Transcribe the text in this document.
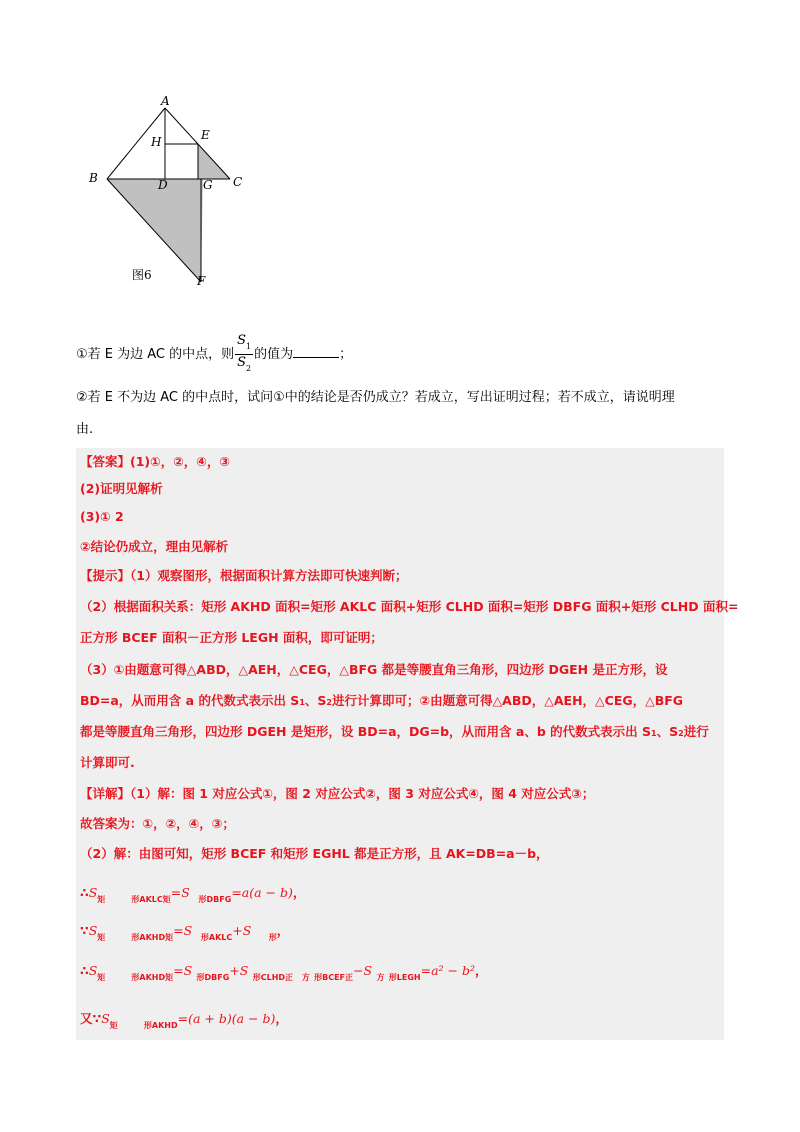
A
B	C
D
E
F
G
H
图6
①若 E 为边 AC 的中点，则 $\frac{S_1}{S_2}$ 的值为	；
②若 E 不为边 AC 的中点时，试问①中的结论是否仍成立？若成立，写出证明过程；若不成立，请说明理
由.
【答案】(1)①，②，④，③
(2)证明见解析
(3)① 2
②结论仍成立，理由见解析
【提示】（1）观察图形，根据面积计算方法即可快速判断；
（2）根据面积关系：矩形 AKHD 面积=矩形 AKLC 面积+矩形 CLHD 面积=矩形 DBFG 面积+矩形 CLHD 面积=
正方形 BCEF 面积－正方形 LEGH 面积，即可证明；
（3）①由题意可得△ABD，△AEH，△CEG，△BFG 都是等腰直角三角形，四边形 DGEH 是正方形，设
BD=a，从而用含 a 的代数式表示出 S1、S2进行计算即可；②由题意可得△ABD，△AEH，△CEG，△BFG
都是等腰直角三角形，四边形 DGEH 是矩形，设 BD=a，DG=b，从而用含 a、b 的代数式表示出 S1、S2进行
计算即可.
【详解】（1）解：图 1 对应公式①，图 2 对应公式②，图 3 对应公式④，图 4 对应公式③；
故答案为：①，②，④，③；
（2）解：由图可知，矩形 BCEF 和矩形 EGHL 都是正方形，且 AK=DB=a－b，
$\therefore S_矩$	$_{形AKLC矩}$=S $_{形DBFG}$=a(a − b)，
$\because S_矩$	$_{形AKHD矩}$=S $_{形AKLC}$+S $_形$，
$\therefore S_矩$	$_{形AKHD矩}$=S $_{形DBFG}$+S $_{形CLHD正}$ $_方$ $_{形BCEF正}$−S $_方$ $_{形LEGH}$=a² − b²，
又$\because S_矩$	$_{形AKHD}$=(a + b)(a − b)，
